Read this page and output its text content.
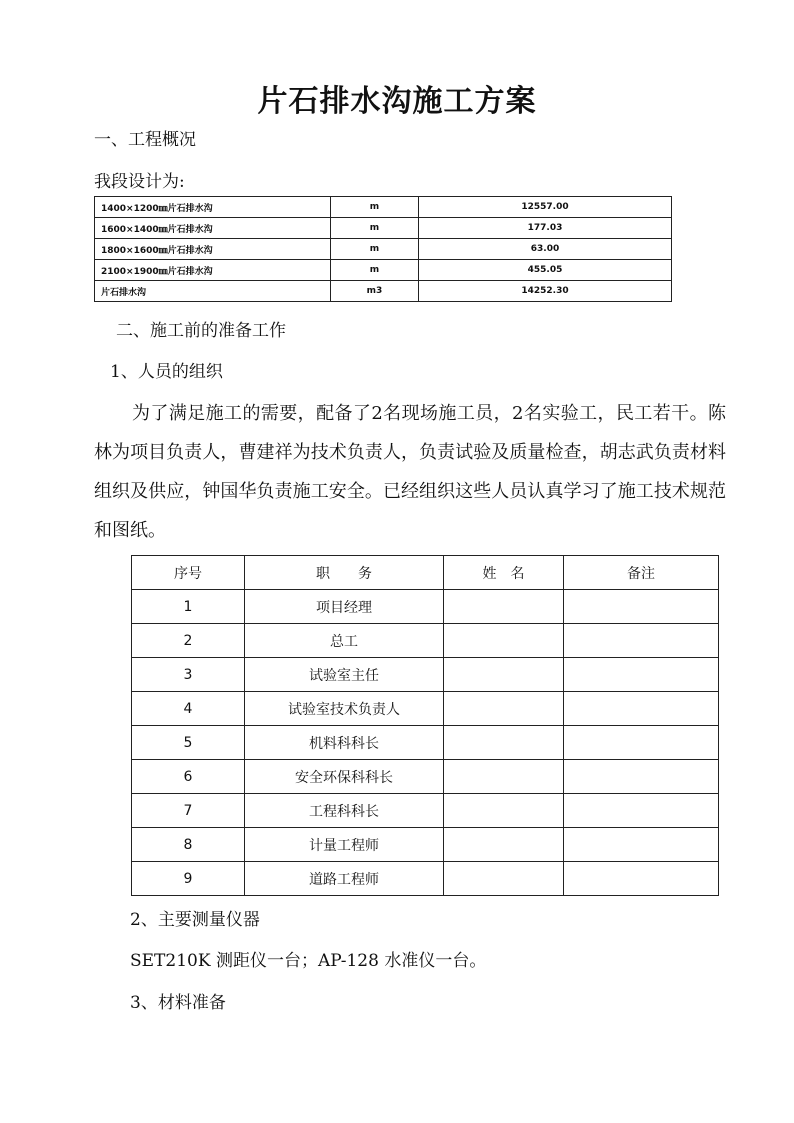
片石排水沟施工方案
一、工程概况
我段设计为:
1400×1200㎜片石排水沟	m	12557.00
1600×1400㎜片石排水沟	m	177.03
1800×1600㎜片石排水沟	m	63.00
2100×1900㎜片石排水沟	m	455.05
片石排水沟	m3	14252.30
二、施工前的准备工作
1、人员的组织
为了满足施工的需要，配备了2名现场施工员，2名实验工，民工若干。陈林为项目负责人，曹建祥为技术负责人，负责试验及质量检查，胡志武负责材料组织及供应，钟国华负责施工安全。已经组织这些人员认真学习了施工技术规范和图纸。
序号	职　　务	姓　名	备注
1	项目经理		
2	总工		
3	试验室主任		
4	试验室技术负责人		
5	机料科科长		
6	安全环保科科长		
7	工程科科长		
8	计量工程师		
9	道路工程师		
2、主要测量仪器
SET210K 测距仪一台；AP-128 水准仪一台。
3、材料准备
